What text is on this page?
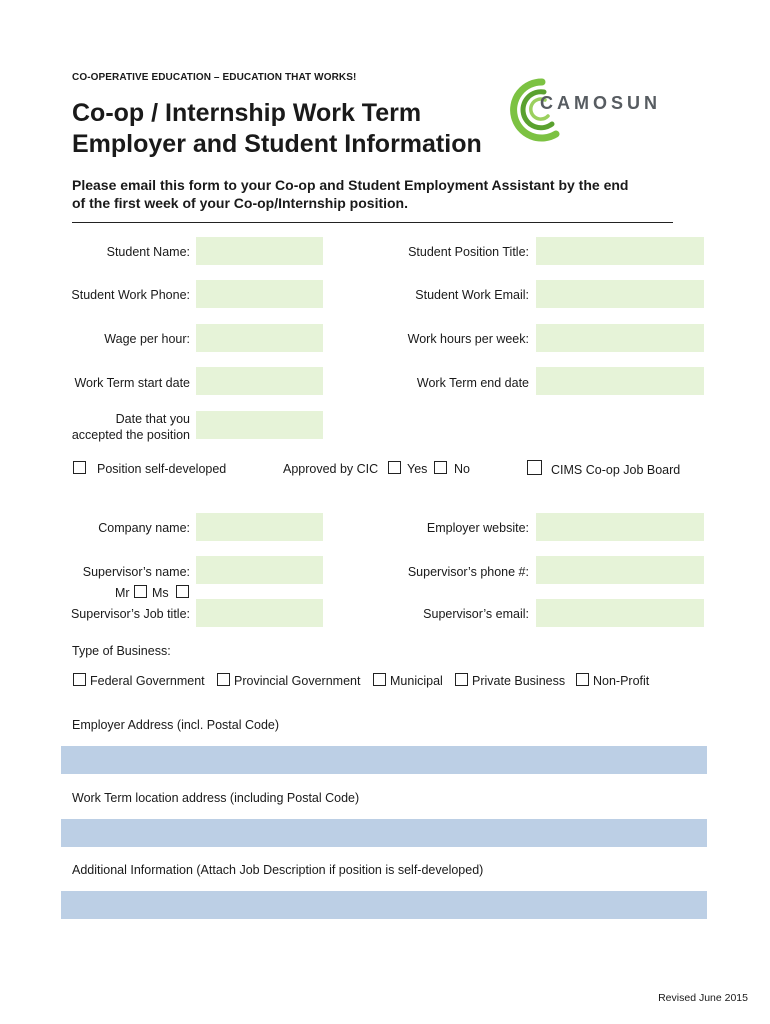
CO-OPERATIVE EDUCATION – EDUCATION THAT WORKS!
Co-op / Internship Work Term
Employer and Student Information
CAMOSUN
Please email this form to your Co-op and Student Employment Assistant by the end
of the first week of your Co-op/Internship position.
Student Name:	Student Position Title:
Student Work Phone:	Student Work Email:
Wage per hour:	Work hours per week:
Work Term start date	Work Term end date
Date that you
accepted the position
Position self-developed	Approved by CIC Yes No	CIMS Co-op Job Board
Company name:	Employer website:
Supervisor’s name:	Supervisor’s phone #:
Mr Ms
Supervisor’s Job title:	Supervisor’s email:
Type of Business:
Federal Government Provincial Government Municipal Private Business Non-Profit
Employer Address (incl. Postal Code)
Work Term location address (including Postal Code)
Additional Information (Attach Job Description if position is self-developed)
Revised June 2015
